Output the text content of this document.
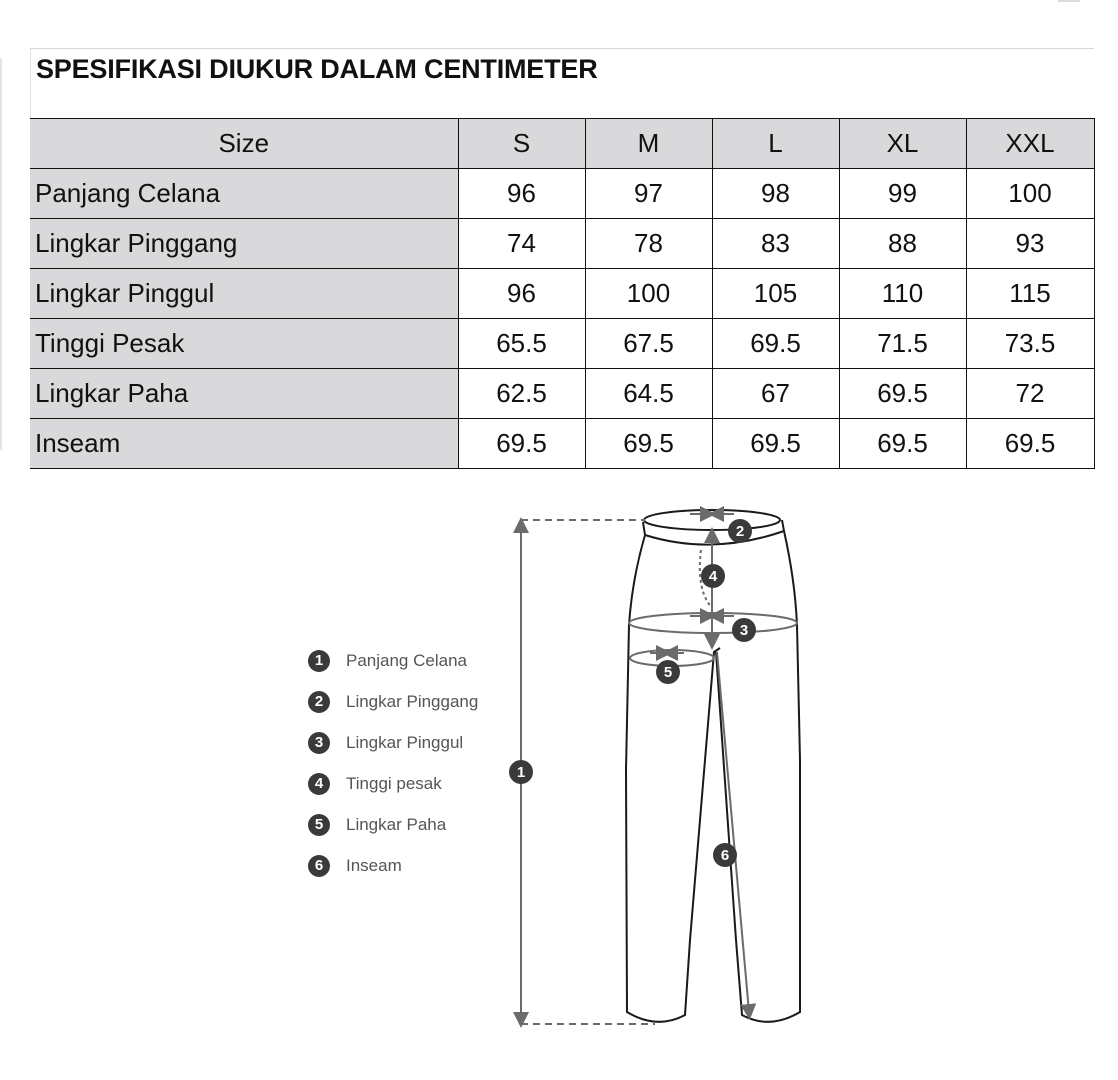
SPESIFIKASI DIUKUR DALAM CENTIMETER
Size	S	M	L	XL	XXL
Panjang Celana	96	97	98	99	100
Lingkar Pinggang	74	78	83	88	93
Lingkar Pinggul	96	100	105	110	115
Tinggi Pesak	65.5	67.5	69.5	71.5	73.5
Lingkar Paha	62.5	64.5	67	69.5	72
Inseam	69.5	69.5	69.5	69.5	69.5
1	Panjang Celana
2	Lingkar Pinggang
3	Lingkar Pinggul
4	Tinggi pesak
5	Lingkar Paha
6	Inseam
1
2
3
4
5
6
